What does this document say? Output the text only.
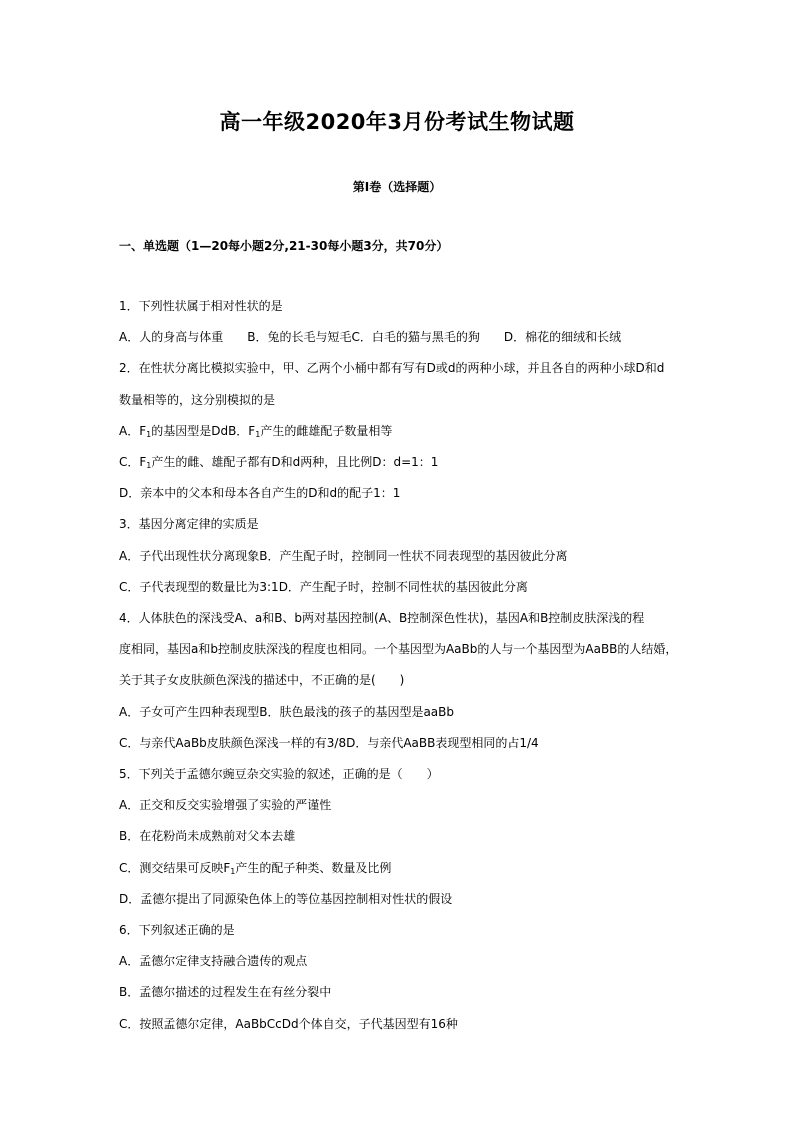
高一年级2020年3月份考试生物试题
第I卷（选择题）
一、单选题（1—20每小题2分,21-30每小题3分，共70分）
1．下列性状属于相对性状的是
A．人的身高与体重　　B．兔的长毛与短毛C．白毛的猫与黑毛的狗　　D．棉花的细绒和长绒
2．在性状分离比模拟实验中，甲、乙两个小桶中都有写有D或d的两种小球，并且各自的两种小球D和d
数量相等的，这分别模拟的是
A．$F_1$的基因型是DdB．$F_1$产生的雌雄配子数量相等
C．$F_1$产生的雌、雄配子都有D和d两种，且比例D：d=1：1
D．亲本中的父本和母本各自产生的D和d的配子1：1
3．基因分离定律的实质是
A．子代出现性状分离现象B．产生配子时，控制同一性状不同表现型的基因彼此分离
C．子代表现型的数量比为3:1D．产生配子时，控制不同性状的基因彼此分离
4．人体肤色的深浅受A、a和B、b两对基因控制(A、B控制深色性状)，基因A和B控制皮肤深浅的程
度相同，基因a和b控制皮肤深浅的程度也相同。一个基因型为AaBb的人与一个基因型为AaBB的人结婚，
关于其子女皮肤颜色深浅的描述中，不正确的是(　　)
A．子女可产生四种表现型B．肤色最浅的孩子的基因型是aaBb
C．与亲代AaBb皮肤颜色深浅一样的有3/8D．与亲代AaBB表现型相同的占1/4
5．下列关于孟德尔豌豆杂交实验的叙述，正确的是（　　）
A．正交和反交实验增强了实验的严谨性
B．在花粉尚未成熟前对父本去雄
C．测交结果可反映$F_1$产生的配子种类、数量及比例
D．孟德尔提出了同源染色体上的等位基因控制相对性状的假设
6．下列叙述正确的是
A．孟德尔定律支持融合遗传的观点
B．孟德尔描述的过程发生在有丝分裂中
C．按照孟德尔定律，AaBbCcDd个体自交，子代基因型有16种
